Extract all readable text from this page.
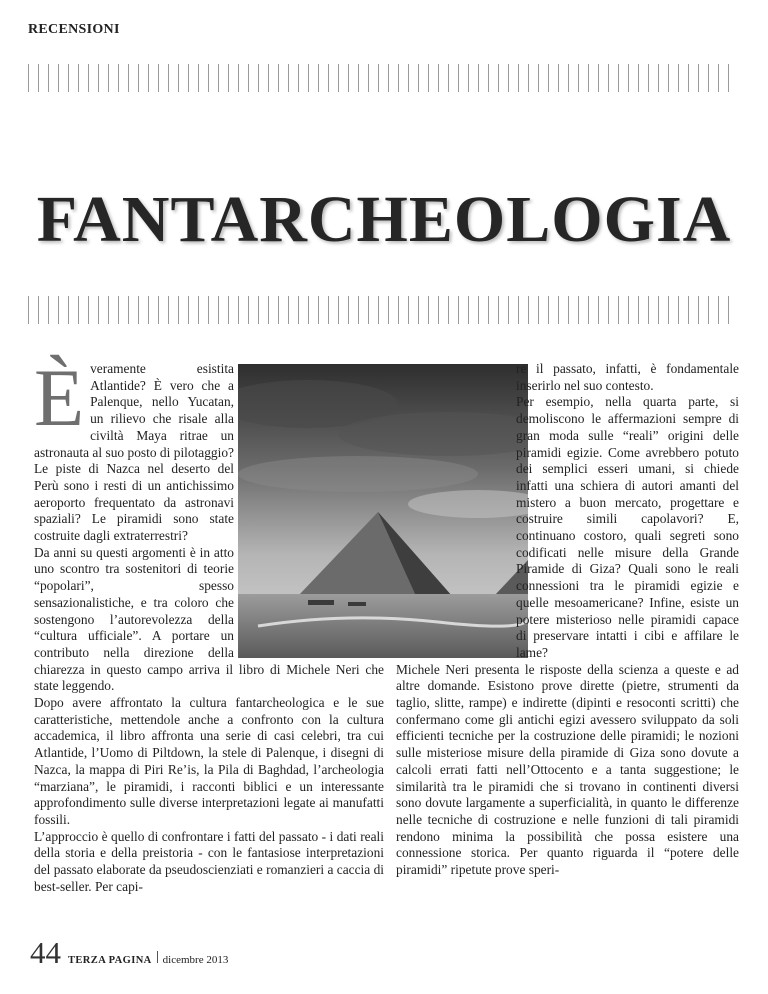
RECENSIONI
FANTARCHEOLOGIA
È veramente esistita Atlantide? È vero che a Palenque, nello Yucatan, un rilievo che risale alla civiltà Maya ritrae un astronauta al suo posto di pilotaggio? Le piste di Nazca nel deserto del Perù sono i resti di un antichissimo aeroporto frequentato da astronavi spaziali? Le piramidi sono state costruite dagli extraterrestri?

Da anni su questi argomenti è in atto uno scontro tra sostenitori di teorie “popolari”, spesso sensazionalistiche, e tra coloro che sostengono l’autorevolezza della “cultura ufficiale”. A portare un contributo nella direzione della chiarezza in questo campo arriva il libro di Michele Neri che state leggendo.

Dopo avere affrontato la cultura fantarcheologica e le sue caratteristiche, mettendole anche a confronto con la cultura accademica, il libro affronta una serie di casi celebri, tra cui Atlantide, l’Uomo di Piltdown, la stele di Palenque, i disegni di Nazca, la mappa di Piri Re’is, la Pila di Baghdad, l’archeologia “marziana”, le piramidi, i racconti biblici e un interessante approfondimento sulle diverse interpretazioni legate ai manufatti fossili.

L’approccio è quello di confrontare i fatti del passato - i dati reali della storia e della preistoria - con le fantasiose interpretazioni del passato elaborate da pseudoscienziati e romanzieri a caccia di best-seller. Per capi-

re il passato, infatti, è fondamentale inserirlo nel suo contesto.

Per esempio, nella quarta parte, si demoliscono le affermazioni sempre di gran moda sulle “reali” origini delle piramidi egizie. Come avrebbero potuto dei semplici esseri umani, si chiede infatti una schiera di autori amanti del mistero a buon mercato, progettare e costruire simili capolavori? E, continuano costoro, quali segreti sono codificati nelle misure della Grande Piramide di Giza? Quali sono le reali connessioni tra le piramidi egizie e quelle mesoamericane? Infine, esiste un potere misterioso nelle piramidi capace di preservare intatti i cibi e affilare le lame?

Michele Neri presenta le risposte della scienza a queste e ad altre domande. Esistono prove dirette (pietre, strumenti da taglio, slitte, rampe) e indirette (dipinti e resoconti scritti) che confermano come gli antichi egizi avessero sviluppato da soli efficienti tecniche per la costruzione delle piramidi; le nozioni sulle misteriose misure della piramide di Giza sono dovute a calcoli errati fatti nell’Ottocento e a tanta suggestione; le similarità tra le piramidi che si trovano in continenti diversi sono dovute largamente a superficialità, in quanto le differenze nelle tecniche di costruzione e nelle funzioni di tali piramidi rendono minima la possibilità che possa esistere una connessione storica. Per quanto riguarda il “potere delle piramidi” ripetute prove speri-

44 TERZA PAGINA dicembre 2013
